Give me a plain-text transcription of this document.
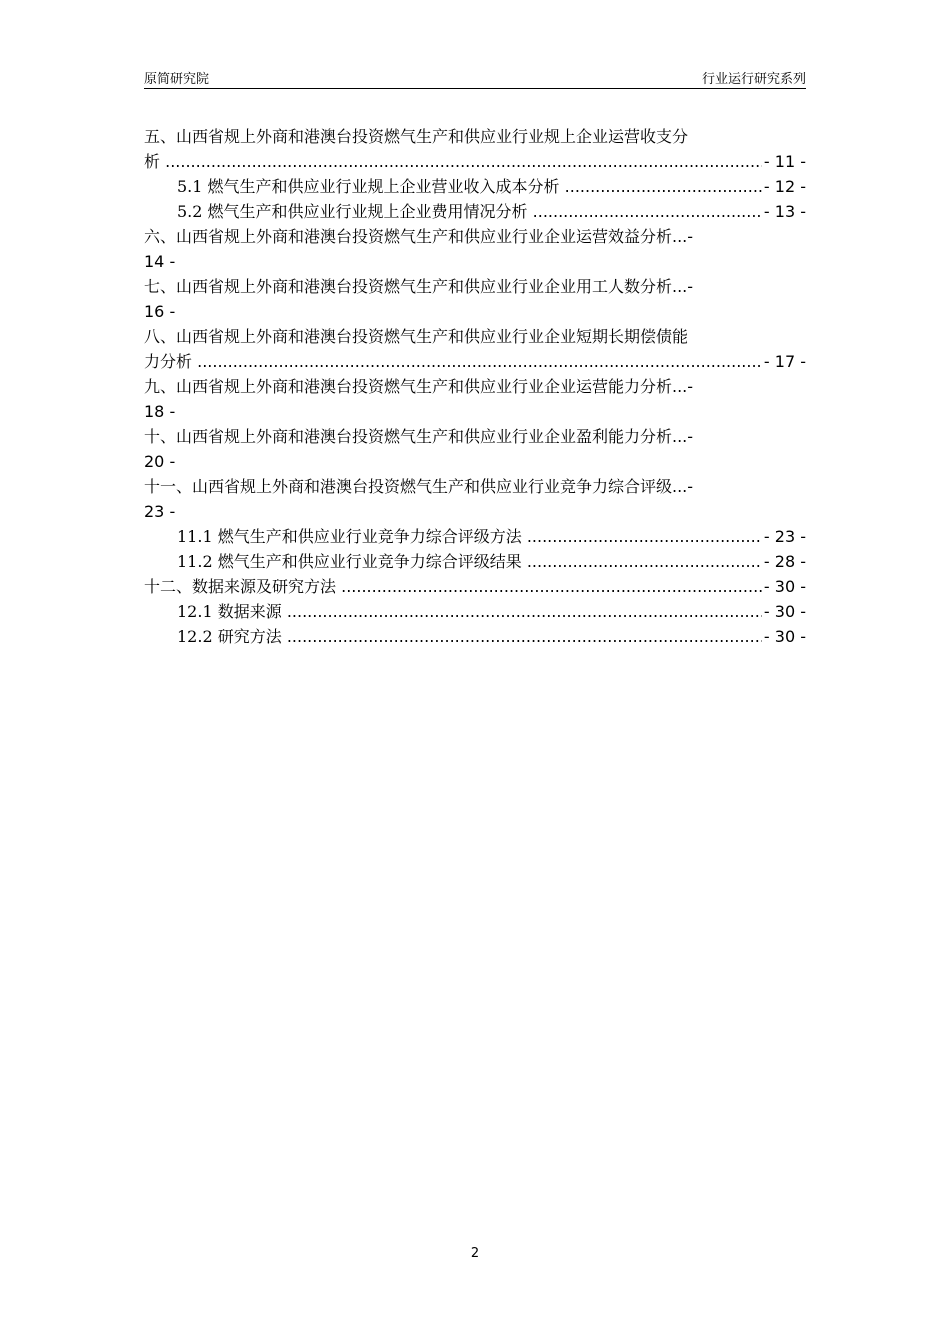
原简研究院	行业运行研究系列
五、山西省规上外商和港澳台投资燃气生产和供应业行业规上企业运营收支分
析 .....	- 11 -
5.1 燃气生产和供应业行业规上企业营业收入成本分析 .....	- 12 -
5.2 燃气生产和供应业行业规上企业费用情况分析 .....	- 13 -
六、山西省规上外商和港澳台投资燃气生产和供应业行业企业运营效益分析...-
14 -
七、山西省规上外商和港澳台投资燃气生产和供应业行业企业用工人数分析...-
16 -
八、山西省规上外商和港澳台投资燃气生产和供应业行业企业短期长期偿债能
力分析 .....	- 17 -
九、山西省规上外商和港澳台投资燃气生产和供应业行业企业运营能力分析...-
18 -
十、山西省规上外商和港澳台投资燃气生产和供应业行业企业盈利能力分析...-
20 -
十一、山西省规上外商和港澳台投资燃气生产和供应业行业竞争力综合评级...-
23 -
11.1 燃气生产和供应业行业竞争力综合评级方法 .....	- 23 -
11.2 燃气生产和供应业行业竞争力综合评级结果 .....	- 28 -
十二、数据来源及研究方法 .....	- 30 -
12.1 数据来源 .....	- 30 -
12.2 研究方法 .....	- 30 -
2
